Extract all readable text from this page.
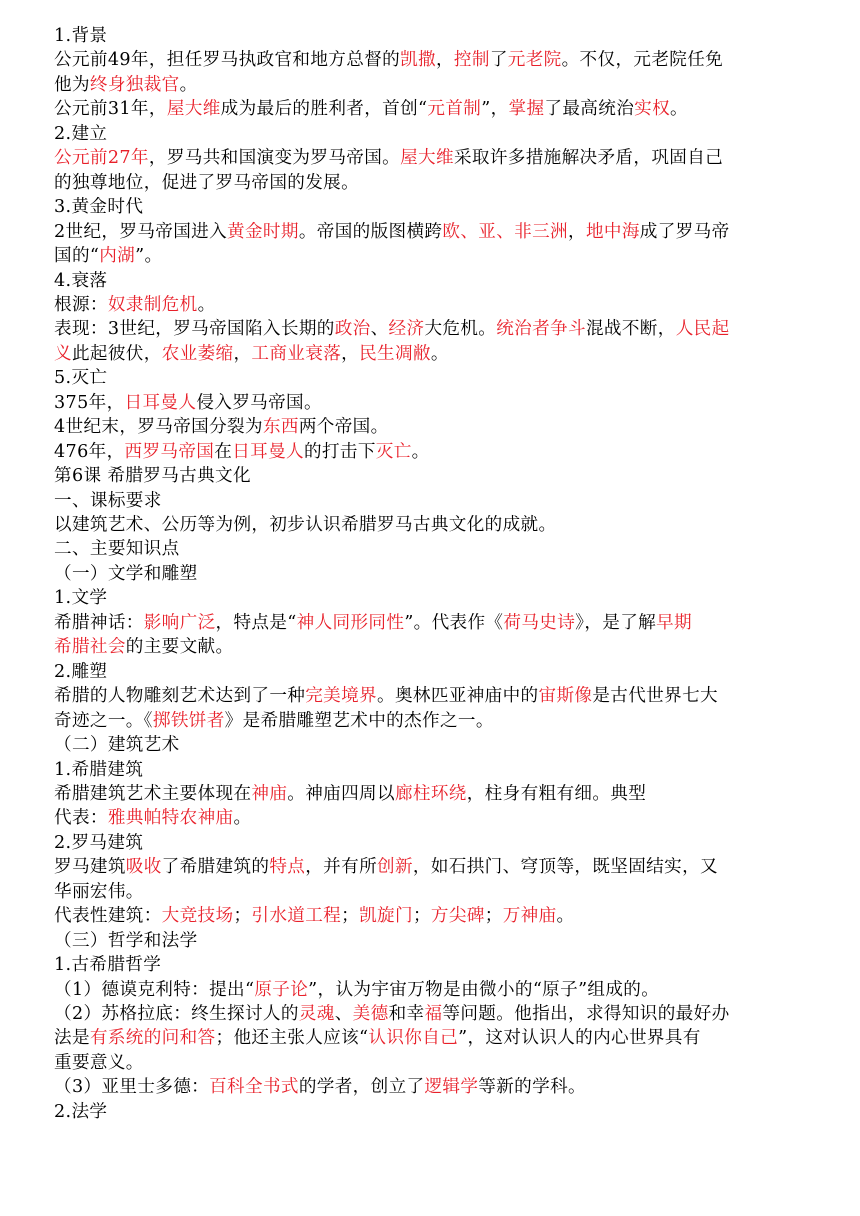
1.背景
公元前49年，担任罗马执政官和地方总督的凯撒，控制了元老院。不仅，元老院任免
他为终身独裁官。
公元前31年，屋大维成为最后的胜利者，首创“元首制”，掌握了最高统治实权。
2.建立
公元前27年，罗马共和国演变为罗马帝国。屋大维采取许多措施解决矛盾，巩固自己
的独尊地位，促进了罗马帝国的发展。
3.黄金时代
2世纪，罗马帝国进入黄金时期。帝国的版图横跨欧、亚、非三洲，地中海成了罗马帝
国的“内湖”。
4.衰落
根源：奴隶制危机。
表现：3世纪，罗马帝国陷入长期的政治、经济大危机。统治者争斗混战不断，人民起
义此起彼伏，农业萎缩，工商业衰落，民生凋敝。
5.灭亡
375年，日耳曼人侵入罗马帝国。
4世纪末，罗马帝国分裂为东西两个帝国。
476年，西罗马帝国在日耳曼人的打击下灭亡。
第6课 希腊罗马古典文化
一、课标要求
以建筑艺术、公历等为例，初步认识希腊罗马古典文化的成就。
二、主要知识点
（一）文学和雕塑
1.文学
希腊神话：影响广泛，特点是“神人同形同性”。代表作《荷马史诗》，是了解早期
希腊社会的主要文献。
2.雕塑
希腊的人物雕刻艺术达到了一种完美境界。奥林匹亚神庙中的宙斯像是古代世界七大
奇迹之一。《掷铁饼者》是希腊雕塑艺术中的杰作之一。
（二）建筑艺术
1.希腊建筑
希腊建筑艺术主要体现在神庙。神庙四周以廊柱环绕，柱身有粗有细。典型
代表：雅典帕特农神庙。
2.罗马建筑
罗马建筑吸收了希腊建筑的特点，并有所创新，如石拱门、穹顶等，既坚固结实，又
华丽宏伟。
代表性建筑：大竞技场；引水道工程；凯旋门；方尖碑；万神庙。
（三）哲学和法学
1.古希腊哲学
（1）德谟克利特：提出“原子论”，认为宇宙万物是由微小的“原子”组成的。
（2）苏格拉底：终生探讨人的灵魂、美德和幸福等问题。他指出，求得知识的最好办
法是有系统的问和答；他还主张人应该“认识你自己”，这对认识人的内心世界具有
重要意义。
（3）亚里士多德：百科全书式的学者，创立了逻辑学等新的学科。
2.法学
